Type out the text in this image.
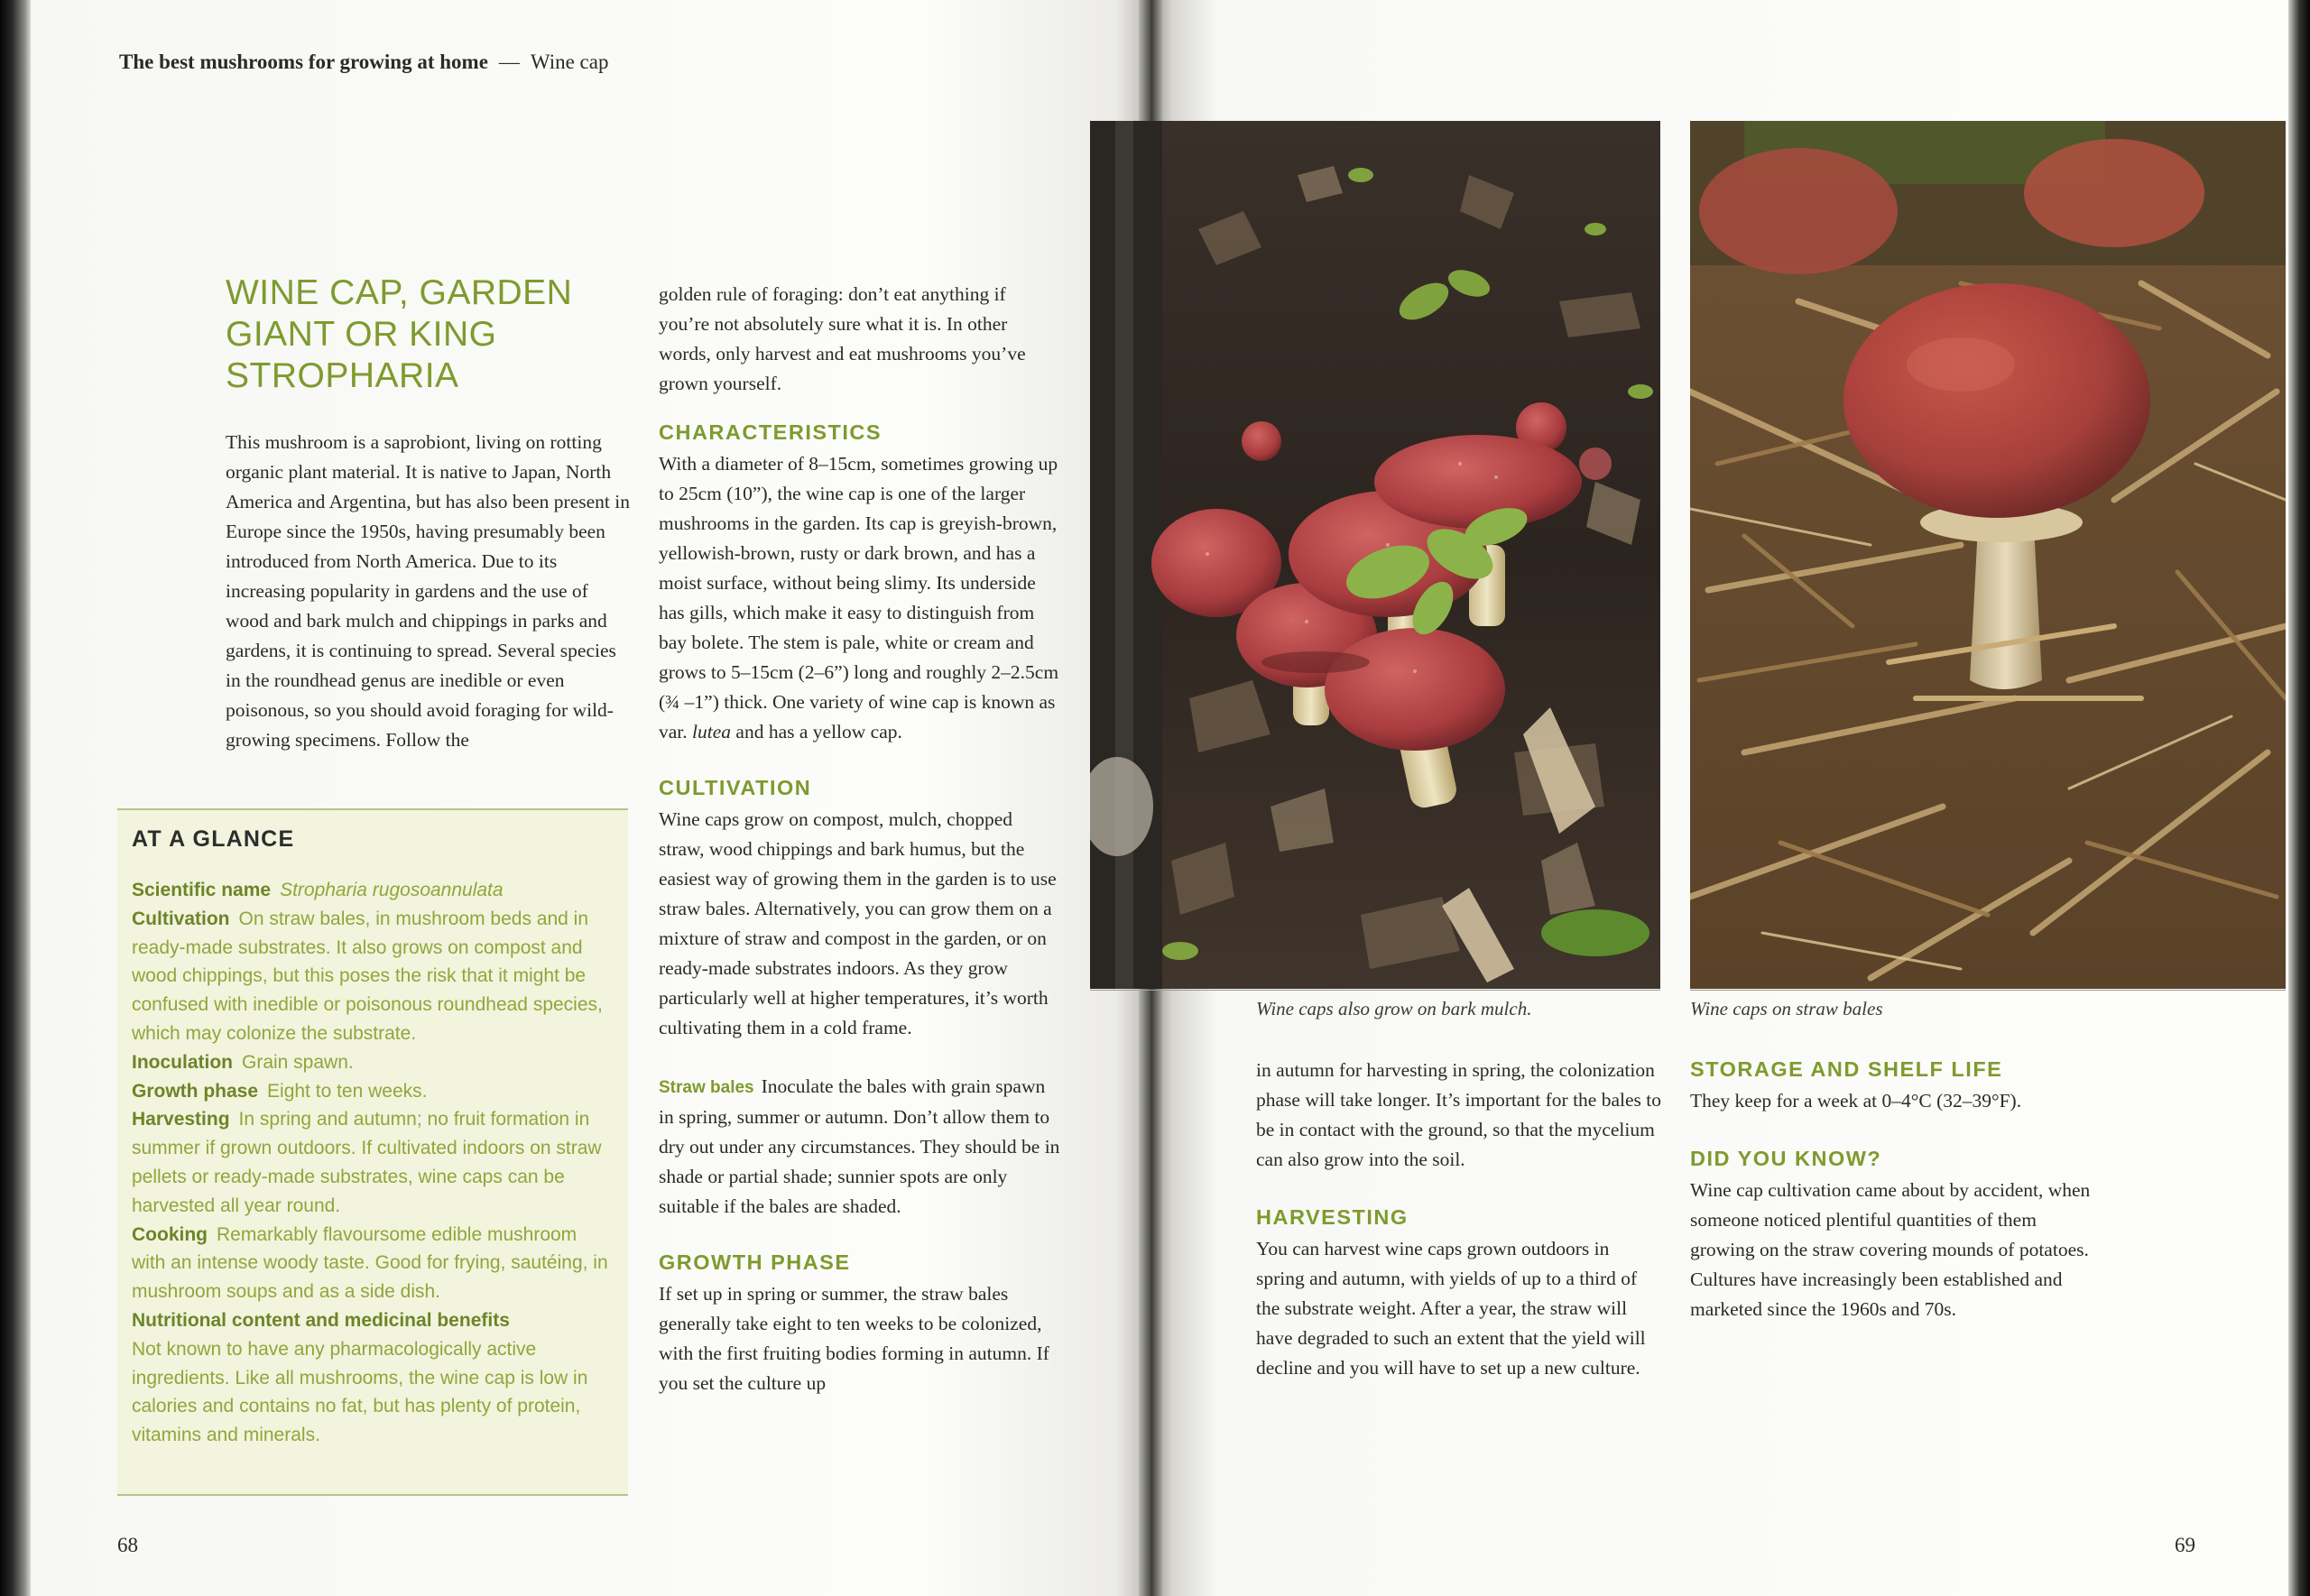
The best mushrooms for growing at home — Wine cap
WINE CAP, GARDEN
GIANT OR KING
STROPHARIA

This mushroom is a saprobiont, living on rotting organic plant material. It is native to Japan, North America and Argentina, but has also been present in Europe since the 1950s, having presumably been introduced from North America. Due to its increasing popularity in gardens and the use of wood and bark mulch and chippings in parks and gardens, it is continuing to spread. Several species in the roundhead genus are inedible or even poisonous, so you should avoid foraging for wild-growing specimens. Follow the

AT A GLANCE
Scientific name Stropharia rugosoannulata
Cultivation On straw bales, in mushroom beds and in ready-made substrates. It also grows on compost and wood chippings, but this poses the risk that it might be confused with inedible or poisonous roundhead species, which may colonize the substrate.
Inoculation Grain spawn.
Growth phase Eight to ten weeks.
Harvesting In spring and autumn; no fruit formation in summer if grown outdoors. If cultivated indoors on straw pellets or ready-made substrates, wine caps can be harvested all year round.
Cooking Remarkably flavoursome edible mushroom with an intense woody taste. Good for frying, sautéing, in mushroom soups and as a side dish.
Nutritional content and medicinal benefits
Not known to have any pharmacologically active ingredients. Like all mushrooms, the wine cap is low in calories and contains no fat, but has plenty of protein, vitamins and minerals.

golden rule of foraging: don’t eat anything if you’re not absolutely sure what it is. In other words, only harvest and eat mushrooms you’ve grown yourself.

CHARACTERISTICS

With a diameter of 8–15cm, sometimes growing up to 25cm (10”), the wine cap is one of the larger mushrooms in the garden. Its cap is greyish-brown, yellowish-brown, rusty or dark brown, and has a moist surface, without being slimy. Its underside has gills, which make it easy to distinguish from bay bolete. The stem is pale, white or cream and grows to 5–15cm (2–6”) long and roughly 2–2.5cm (¾ –1”) thick. One variety of wine cap is known as var. lutea and has a yellow cap.

CULTIVATION

Wine caps grow on compost, mulch, chopped straw, wood chippings and bark humus, but the easiest way of growing them in the garden is to use straw bales. Alternatively, you can grow them on a mixture of straw and compost in the garden, or on ready-made substrates indoors. As they grow particularly well at higher temperatures, it’s worth cultivating them in a cold frame.

Straw bales Inoculate the bales with grain spawn in spring, summer or autumn. Don’t allow them to dry out under any circumstances. They should be in shade or partial shade; sunnier spots are only suitable if the bales are shaded.

GROWTH PHASE

If set up in spring or summer, the straw bales generally take eight to ten weeks to be colonized, with the first fruiting bodies forming in autumn. If you set the culture up

Wine caps also grow on bark mulch.	Wine caps on straw bales

in autumn for harvesting in spring, the colonization phase will take longer. It’s important for the bales to be in contact with the ground, so that the mycelium can also grow into the soil.

HARVESTING

You can harvest wine caps grown outdoors in spring and autumn, with yields of up to a third of the substrate weight. After a year, the straw will have degraded to such an extent that the yield will decline and you will have to set up a new culture.

STORAGE AND SHELF LIFE

They keep for a week at 0–4°C (32–39°F).

DID YOU KNOW?

Wine cap cultivation came about by accident, when someone noticed plentiful quantities of them growing on the straw covering mounds of potatoes. Cultures have increasingly been established and marketed since the 1960s and 70s.

68	69
